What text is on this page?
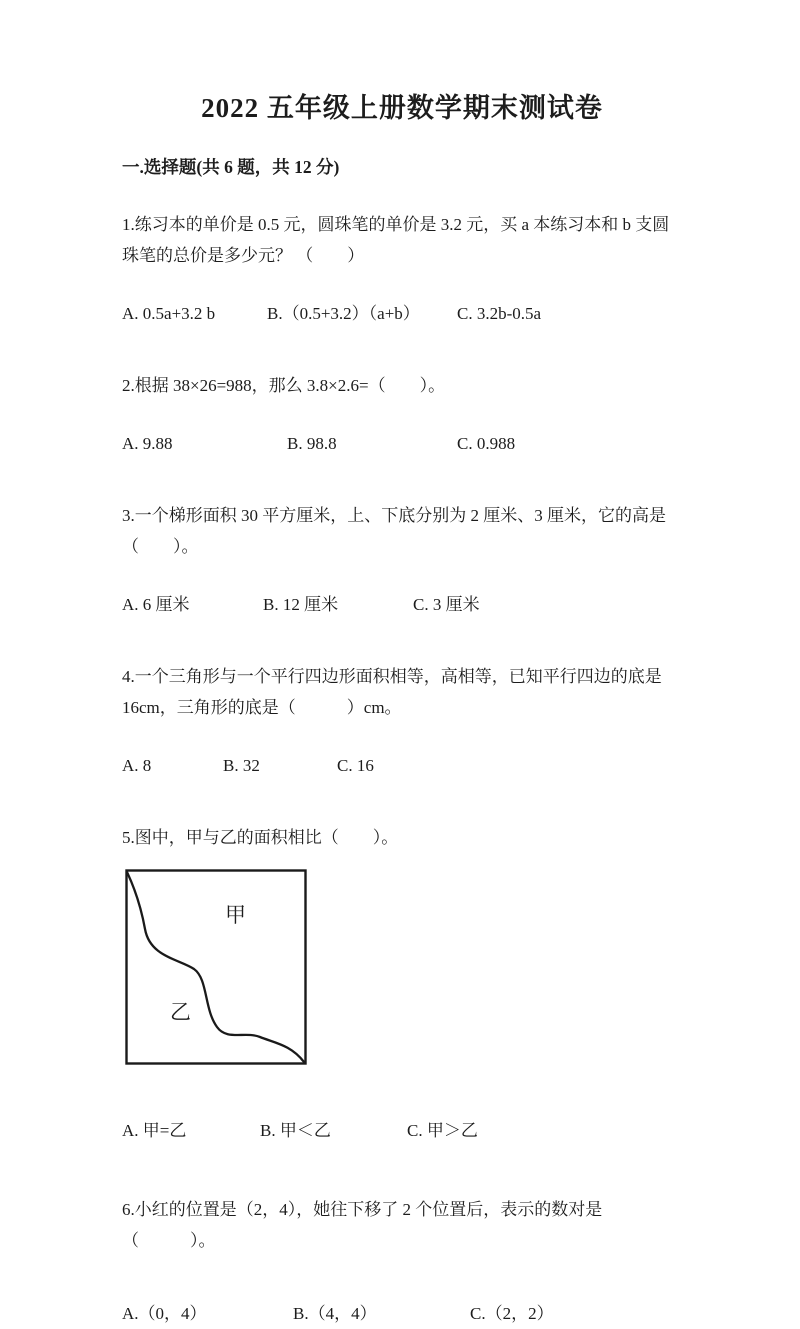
2022 五年级上册数学期末测试卷
一.选择题(共 6 题，共 12 分)

1.练习本的单价是 0.5 元，圆珠笔的单价是 3.2 元，买 a 本练习本和 b 支圆珠笔的总价是多少元？ （　　）

A. 0.5a+3.2 b	B.（0.5+3.2）（a+b）	C. 3.2b-0.5a

2.根据 38×26=988，那么 3.8×2.6=（　　）。

A. 9.88	B. 98.8	C. 0.988

3.一个梯形面积 30 平方厘米，上、下底分别为 2 厘米、3 厘米，它的高是（　　）。

A. 6 厘米	B. 12 厘米	C. 3 厘米

4.一个三角形与一个平行四边形面积相等，高相等，已知平行四边的底是 16cm，三角形的底是（　　　）cm。

A. 8	B. 32	C. 16

5.图中，甲与乙的面积相比（　　）。

甲
乙
A. 甲=乙	B. 甲＜乙	C. 甲＞乙

6.小红的位置是（2，4），她往下移了 2 个位置后，表示的数对是（　　　）。

A.（0，4）	B.（4，4）	C.（2，2）
